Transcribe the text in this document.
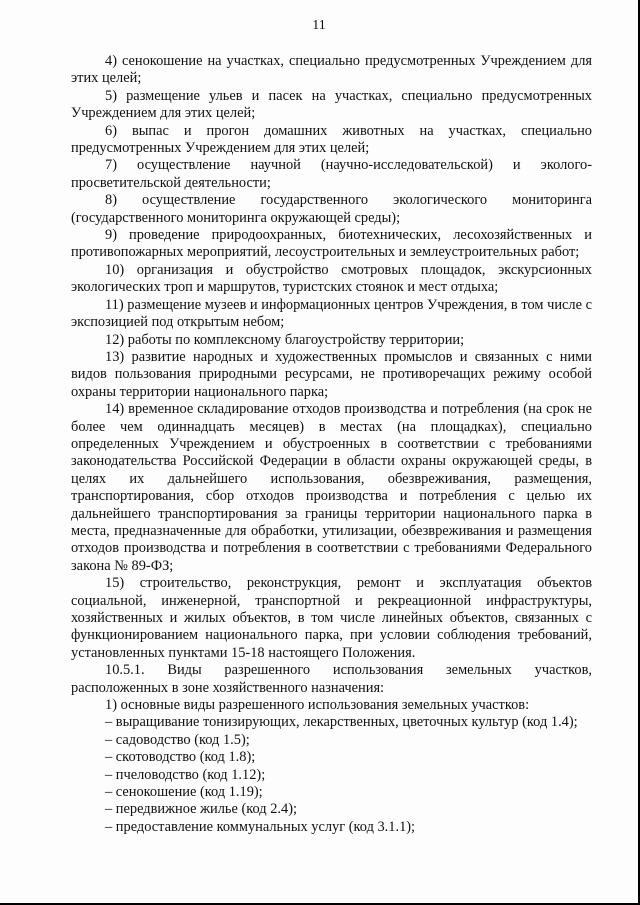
11

4) сенокошение на участках, специально предусмотренных Учреждением для этих целей;

5) размещение ульев и пасек на участках, специально предусмотренных Учреждением для этих целей;

6) выпас и прогон домашних животных на участках, специально предусмотренных Учреждением для этих целей;

7) осуществление научной (научно-исследовательской) и эколого-просветительской деятельности;

8) осуществление государственного экологического мониторинга (государственного мониторинга окружающей среды);

9) проведение природоохранных, биотехнических, лесохозяйственных и противопожарных мероприятий, лесоустроительных и землеустроительных работ;

10) организация и обустройство смотровых площадок, экскурсионных экологических троп и маршрутов, туристских стоянок и мест отдыха;

11) размещение музеев и информационных центров Учреждения, в том числе с экспозицией под открытым небом;

12) работы по комплексному благоустройству территории;

13) развитие народных и художественных промыслов и связанных с ними видов пользования природными ресурсами, не противоречащих режиму особой охраны территории национального парка;

14) временное складирование отходов производства и потребления (на срок не более чем одиннадцать месяцев) в местах (на площадках), специально определенных Учреждением и обустроенных в соответствии с требованиями законодательства Российской Федерации в области охраны окружающей среды, в целях их дальнейшего использования, обезвреживания, размещения, транспортирования, сбор отходов производства и потребления с целью их дальнейшего транспортирования за границы территории национального парка в места, предназначенные для обработки, утилизации, обезвреживания и размещения отходов производства и потребления в соответствии с требованиями Федерального закона № 89-ФЗ;

15) строительство, реконструкция, ремонт и эксплуатация объектов социальной, инженерной, транспортной и рекреационной инфраструктуры, хозяйственных и жилых объектов, в том числе линейных объектов, связанных с функционированием национального парка, при условии соблюдения требований, установленных пунктами 15-18 настоящего Положения.

10.5.1. Виды разрешенного использования земельных участков, расположенных в зоне хозяйственного назначения:

1) основные виды разрешенного использования земельных участков:

– выращивание тонизирующих, лекарственных, цветочных культур (код 1.4);

– садоводство (код 1.5);

– скотоводство (код 1.8);

– пчеловодство (код 1.12);

– сенокошение (код 1.19);

– передвижное жилье (код 2.4);

– предоставление коммунальных услуг (код 3.1.1);
